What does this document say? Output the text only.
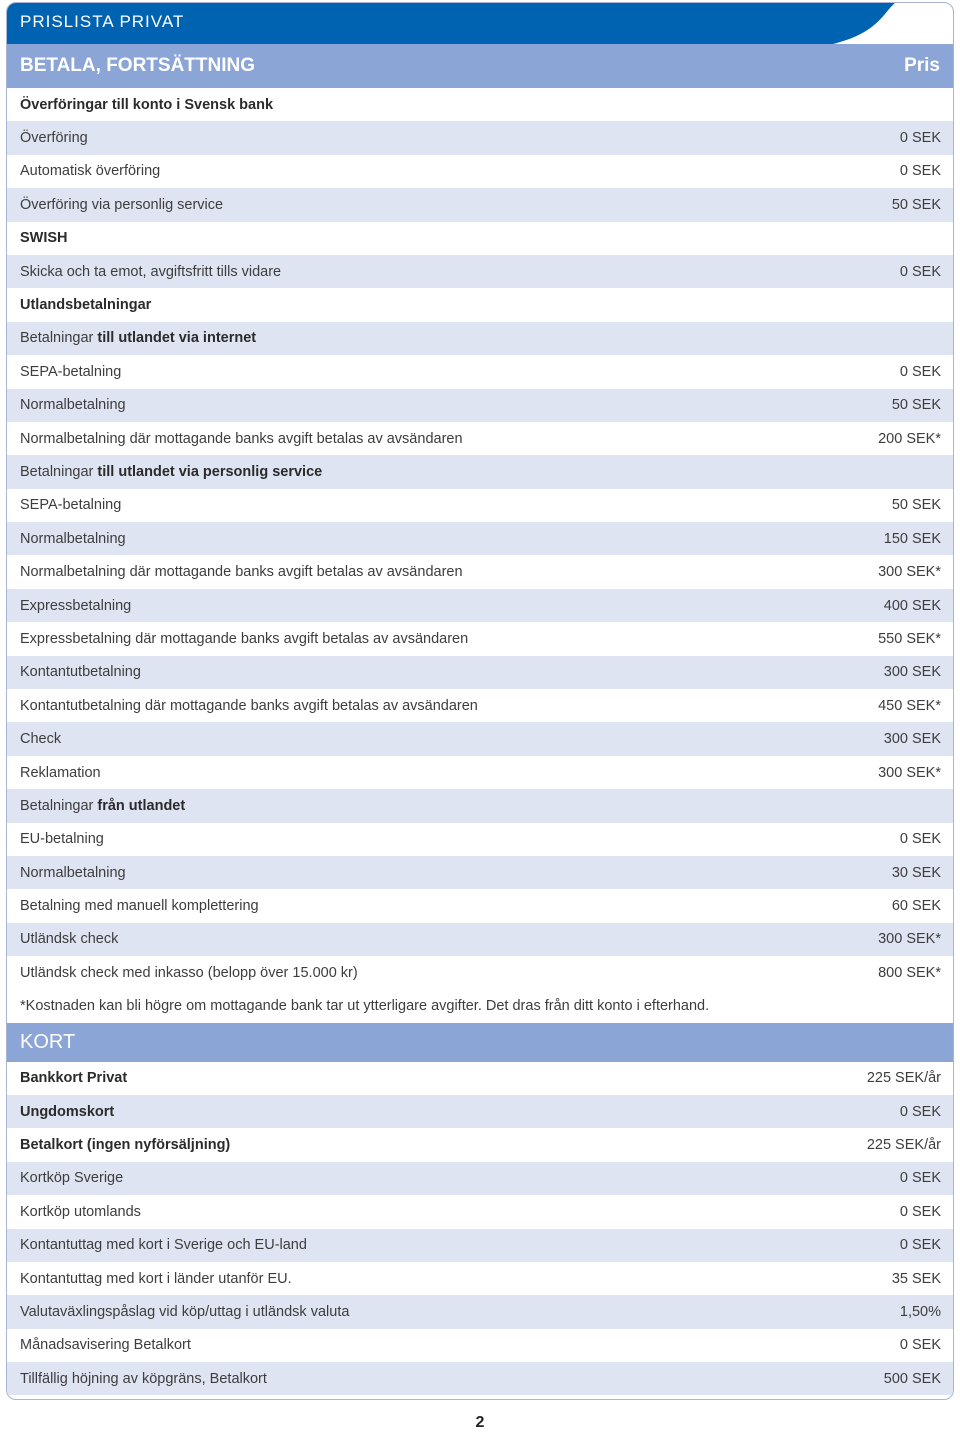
PRISLISTA PRIVAT
BETALA, FORTSÄTTNING	Pris
Överföringar till konto i Svensk bank
Överföring	0 SEK
Automatisk överföring	0 SEK
Överföring via personlig service	50 SEK
SWISH
Skicka och ta emot, avgiftsfritt tills vidare	0 SEK
Utlandsbetalningar
Betalningar till utlandet via internet
SEPA-betalning	0 SEK
Normalbetalning	50 SEK
Normalbetalning där mottagande banks avgift betalas av avsändaren	200 SEK*
Betalningar till utlandet via personlig service
SEPA-betalning	50 SEK
Normalbetalning	150 SEK
Normalbetalning där mottagande banks avgift betalas av avsändaren	300 SEK*
Expressbetalning	400 SEK
Expressbetalning där mottagande banks avgift betalas av avsändaren	550 SEK*
Kontantutbetalning	300 SEK
Kontantutbetalning där mottagande banks avgift betalas av avsändaren	450 SEK*
Check	300 SEK
Reklamation	300 SEK*
Betalningar från utlandet
EU-betalning	0 SEK
Normalbetalning	30 SEK
Betalning med manuell komplettering	60 SEK
Utländsk check	300 SEK*
Utländsk check med inkasso (belopp över 15.000 kr)	800 SEK*
*Kostnaden kan bli högre om mottagande bank tar ut ytterligare avgifter. Det dras från ditt konto i efterhand.
KORT
Bankkort Privat	225 SEK/år
Ungdomskort	0 SEK
Betalkort (ingen nyförsäljning)	225 SEK/år
Kortköp Sverige	0 SEK
Kortköp utomlands	0 SEK
Kontantuttag med kort i Sverige och EU-land	0 SEK
Kontantuttag med kort i länder utanför EU.	35 SEK
Valutaväxlingspåslag vid köp/uttag i utländsk valuta	1,50%
Månadsavisering Betalkort	0 SEK
Tillfällig höjning av köpgräns, Betalkort	500 SEK
2
